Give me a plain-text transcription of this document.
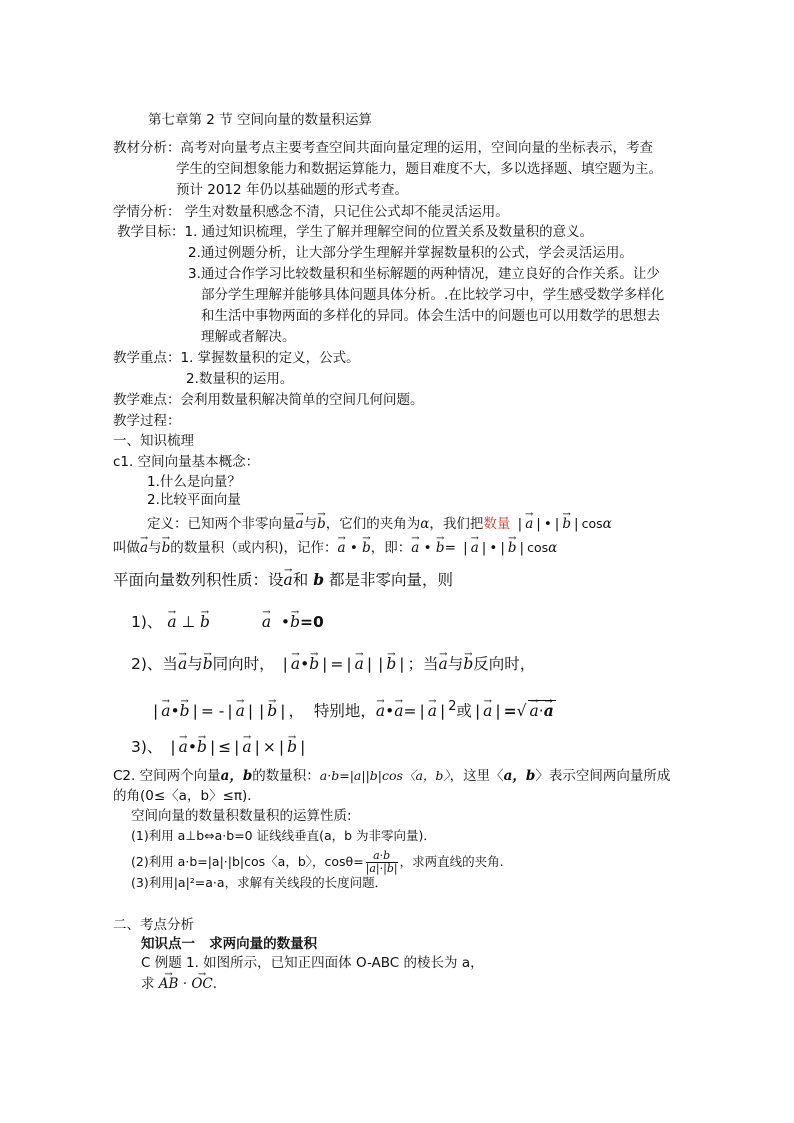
第七章第 2 节 空间向量的数量积运算
教材分析：高考对向量考点主要考查空间共面向量定理的运用，空间向量的坐标表示，考查
学生的空间想象能力和数据运算能力，题目难度不大，多以选择题、填空题为主。
预计 2012 年仍以基础题的形式考查。
学情分析： 学生对数量积感念不清，只记住公式却不能灵活运用。
教学目标：1. 通过知识梳理，学生了解并理解空间的位置关系及数量积的意义。
2.通过例题分析，让大部分学生理解并掌握数量积的公式，学会灵活运用。
3.通过合作学习比较数量积和坐标解题的两种情况，建立良好的合作关系。让少
部分学生理解并能够具体问题具体分析。.在比较学习中，学生感受数学多样化
和生活中事物两面的多样化的异同。体会生活中的问题也可以用数学的思想去
理解或者解决。
教学重点：1. 掌握数量积的定义，公式。
2.数量积的运用。
教学难点：会利用数量积解决简单的空间几何问题。
教学过程：
一、知识梳理
c1. 空间向量基本概念：
1.什么是向量？
2.比较平面向量
定义：已知两个非零向量→ a与→ b，它们的夹角为α，我们把数量 | → a | • | → b | cosα
叫做→ a与→ b的数量积（或内积)，记作：→ a • → b，即：→ a • → b= | → a | • | → b | cosα
平面向量数列积性质：设→ a和 b 都是非零向量，则
1)、 → a ⊥ → b	→ a •→ b=0
2)、当→ a与→ b同向时， | → a•→ b | = | → a | | → b | ；当→ a与→ b反向时，
| → a•→ b | = - | → a | | → b | ，  特别地，→ a•→ a= | → a | $^2$或 | → a | =√ → a·→ a
3)、 | → a•→ b | ≤ | → a | × | → b |
C2. 空间两个向量a，b的数量积：a·b=|a||b|cos〈a，b〉，这里〈a，b〉表示空间两向量所成
的角(0≤〈a，b〉≤π)．
空间向量的数量积数量积的运算性质:
(1)利用 a⊥b⇔a·b=0 证线线垂直(a，b 为非零向量)．
(2)利用 a·b=|a|·|b|cos〈a，b〉，$\cos\theta= \frac{a\cdot b}{|a|\cdot|b|}$ ，求两直线的夹角.
(3)利用|a|²=a·a，求解有关线段的长度问题．
二、考点分析
知识点一 求两向量的数量积
C 例题 1. 如图所示，已知正四面体 O-ABC 的棱长为 a，
求 → AB · → OC.
